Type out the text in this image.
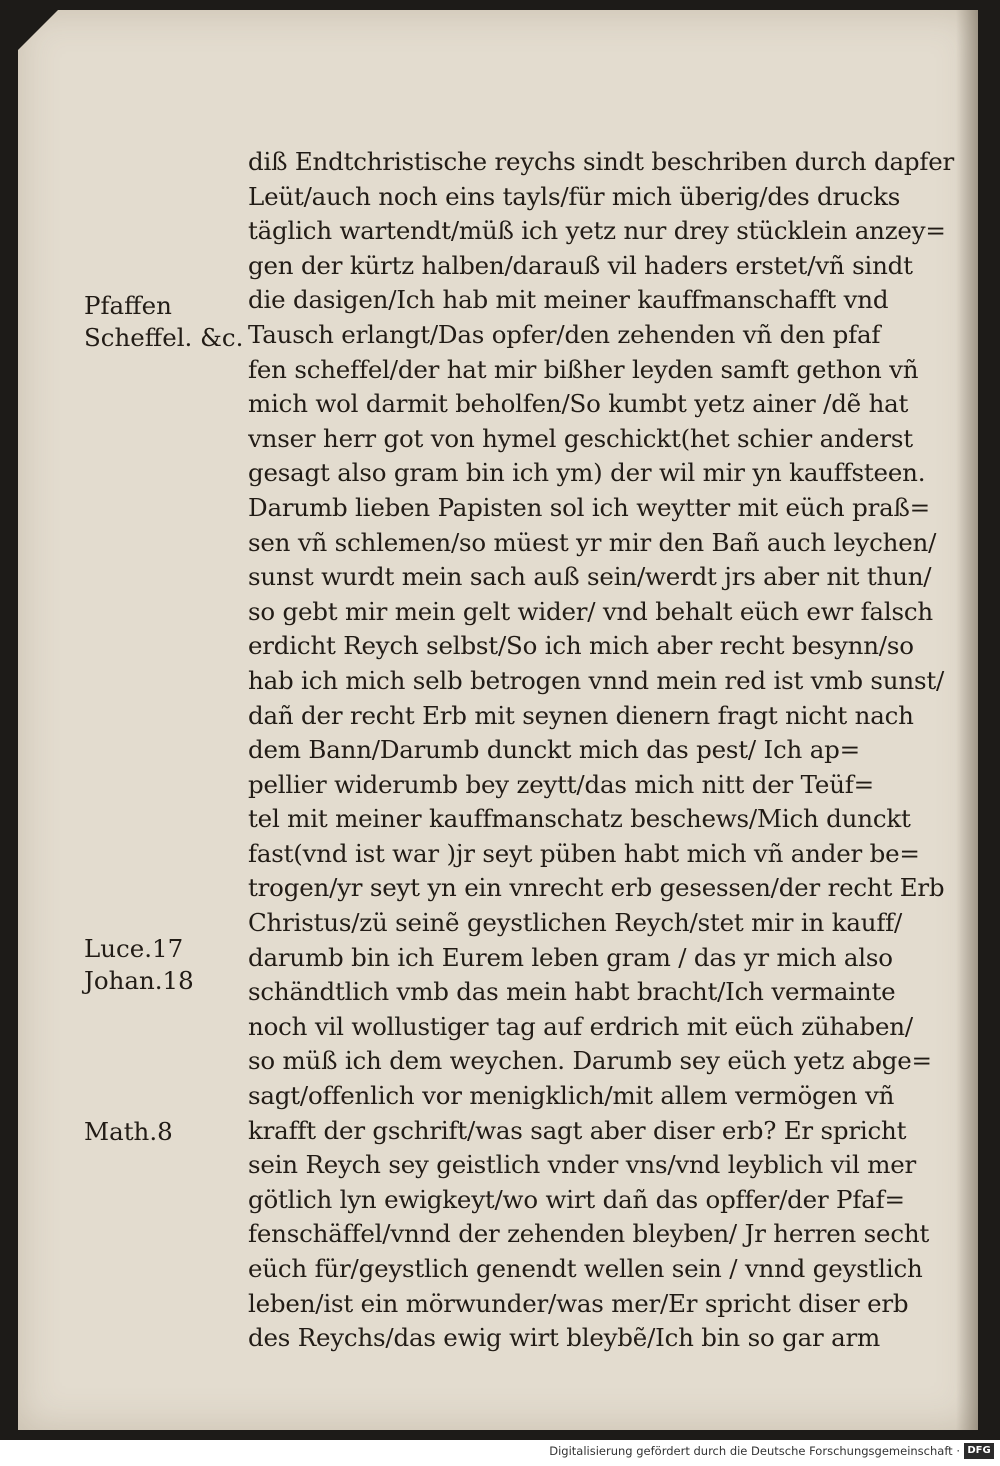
Pfaffen
Scheffel. &c.
Luce.17
Johan.18
Math.8
diß Endtchristische reychs sindt beschriben durch dapfer
Leüt/auch noch eins tayls/für mich überig/des drucks
täglich wartendt/müß ich yetz nur drey stücklein anzey=
gen der kürtz halben/darauß vil haders erstet/vñ sindt
die dasigen/Ich hab mit meiner kauffmanschafft vnd
Tausch erlangt/Das opfer/den zehenden vñ den pfaf
fen scheffel/der hat mir bißher leyden samft gethon vñ
mich wol darmit beholfen/So kumbt yetz ainer /dẽ hat
vnser herr got von hymel geschickt(het schier anderst
gesagt also gram bin ich ym) der wil mir yn kauffsteen.
Darumb lieben Papisten sol ich weytter mit eüch praß=
sen vñ schlemen/so müest yr mir den Bañ auch leychen/
sunst wurdt mein sach auß sein/werdt jrs aber nit thun/
so gebt mir mein gelt wider/ vnd behalt eüch ewr falsch
erdicht Reych selbst/So ich mich aber recht besynn/so
hab ich mich selb betrogen vnnd mein red ist vmb sunst/
dañ der recht Erb mit seynen dienern fragt nicht nach
dem Bann/Darumb dunckt mich das pest/ Ich ap=
pellier widerumb bey zeytt/das mich nitt der Teüf=
tel mit meiner kauffmanschatz beschews/Mich dunckt
fast(vnd ist war )jr seyt püben habt mich vñ ander be=
trogen/yr seyt yn ein vnrecht erb gesessen/der recht Erb
Christus/zü seinẽ geystlichen Reych/stet mir in kauff/
darumb bin ich Eurem leben gram / das yr mich also
schändtlich vmb das mein habt bracht/Ich vermainte
noch vil wollustiger tag auf erdrich mit eüch zühaben/
so müß ich dem weychen. Darumb sey eüch yetz abge=
sagt/offenlich vor menigklich/mit allem vermögen vñ
krafft der gschrift/was sagt aber diser erb? Er spricht
sein Reych sey geistlich vnder vns/vnd leyblich vil mer
götlich lyn ewigkeyt/wo wirt dañ das opffer/der Pfaf=
fenschäffel/vnnd der zehenden bleyben/ Jr herren secht
eüch für/geystlich genendt wellen sein / vnnd geystlich
leben/ist ein mörwunder/was mer/Er spricht diser erb
des Reychs/das ewig wirt bleybẽ/Ich bin so gar arm
Digitalisierung gefördert durch die Deutsche Forschungsgemeinschaft · DFG
